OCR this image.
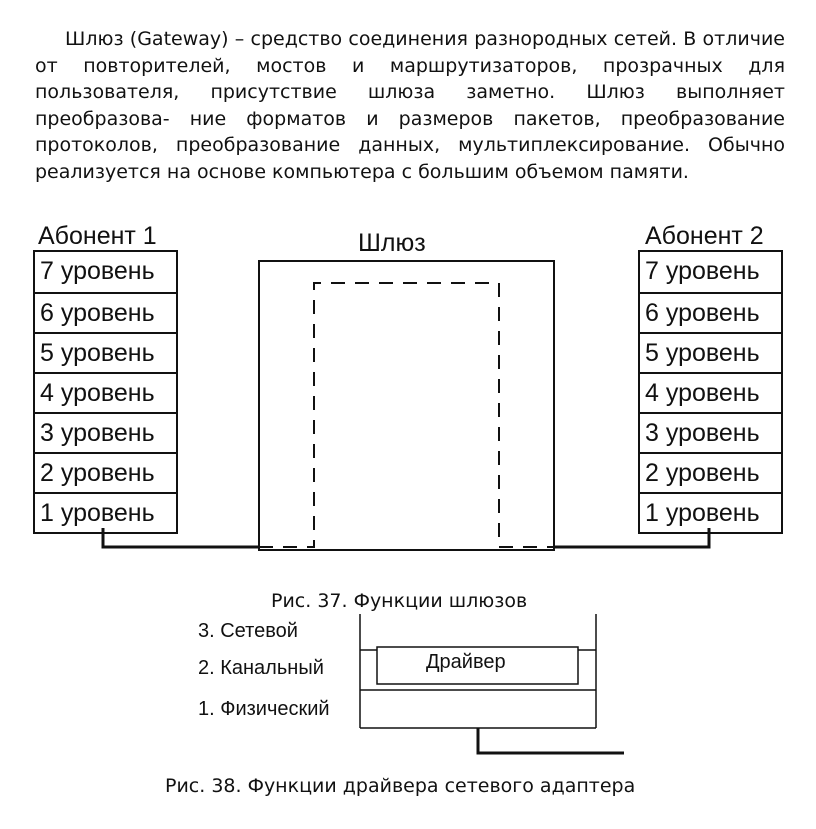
Шлюз (Gateway) – средство соединения разнородных сетей. В отличие от повторителей, мостов и маршрутизаторов, прозрачных для пользователя, присутствие шлюза заметно. Шлюз выполняет преобразова- ние форматов и размеров пакетов, преобразование протоколов, преобразование данных, мультиплексирование. Обычно реализуется на основе компьютера с большим объемом памяти.

Абонент 1	Абонент 2
Шлюз
7 уровень
6 уровень
5 уровень
4 уровень
3 уровень
2 уровень
1 уровень
7 уровень
6 уровень
5 уровень
4 уровень
3 уровень
2 уровень
1 уровень
Рис. 37. Функции шлюзов
3. Сетевой
2. Канальный
1. Физический
Драйвер
Рис. 38. Функции драйвера сетевого адаптера
